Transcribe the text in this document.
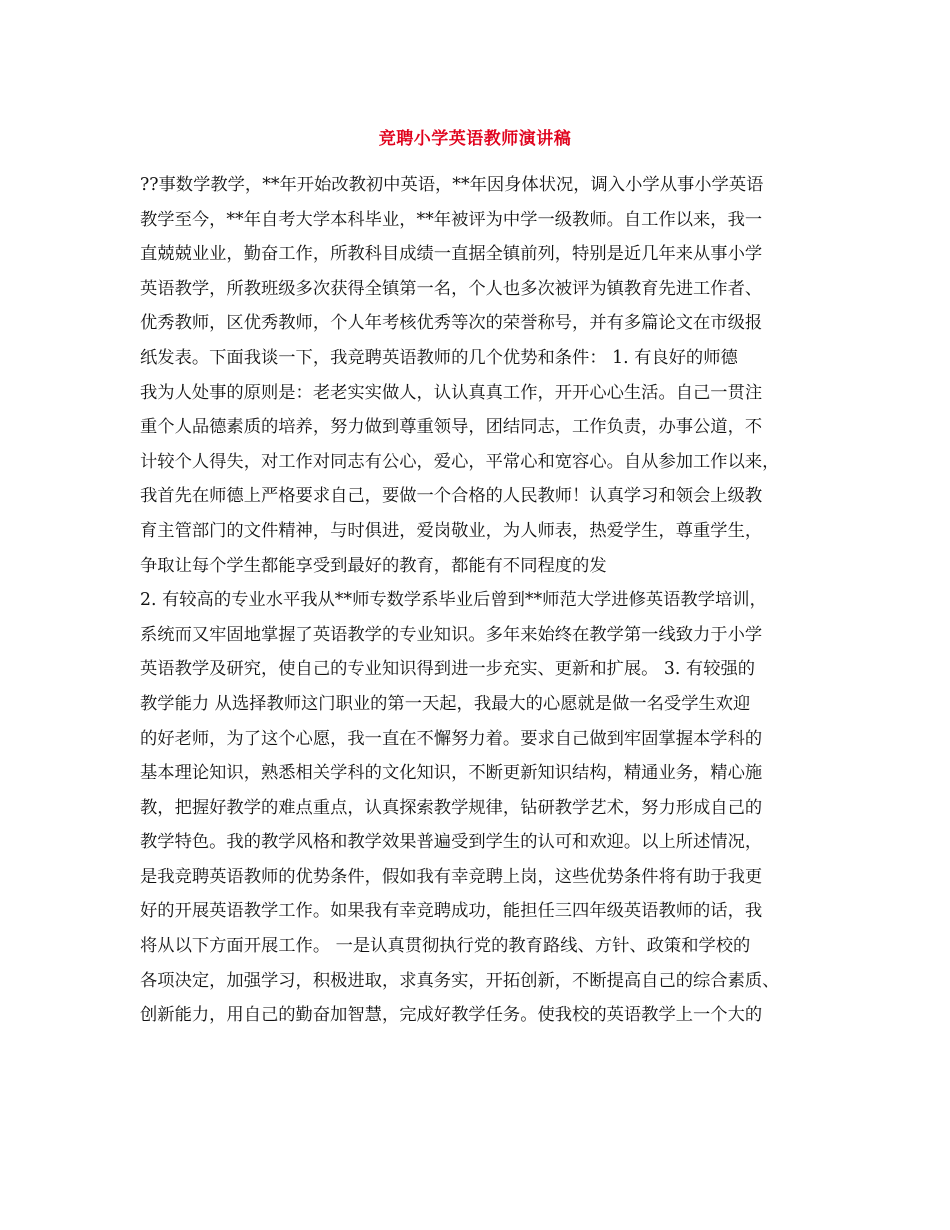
竞聘小学英语教师演讲稿
??事数学教学，**年开始改教初中英语，**年因身体状况，调入小学从事小学英语
教学至今，**年自考大学本科毕业，**年被评为中学一级教师。自工作以来，我一
直兢兢业业，勤奋工作，所教科目成绩一直据全镇前列，特别是近几年来从事小学
英语教学，所教班级多次获得全镇第一名，个人也多次被评为镇教育先进工作者、
优秀教师，区优秀教师，个人年考核优秀等次的荣誉称号，并有多篇论文在市级报
纸发表。下面我谈一下，我竞聘英语教师的几个优势和条件： 1. 有良好的师德
我为人处事的原则是：老老实实做人，认认真真工作，开开心心生活。自己一贯注
重个人品德素质的培养，努力做到尊重领导，团结同志，工作负责，办事公道，不
计较个人得失，对工作对同志有公心，爱心，平常心和宽容心。自从参加工作以来，
我首先在师德上严格要求自己，要做一个合格的人民教师！认真学习和领会上级教
育主管部门的文件精神，与时俱进，爱岗敬业，为人师表，热爱学生，尊重学生，
争取让每个学生都能享受到最好的教育，都能有不同程度的发
2. 有较高的专业水平我从**师专数学系毕业后曾到**师范大学进修英语教学培训，
系统而又牢固地掌握了英语教学的专业知识。多年来始终在教学第一线致力于小学
英语教学及研究，使自己的专业知识得到进一步充实、更新和扩展。 3. 有较强的
教学能力 从选择教师这门职业的第一天起，我最大的心愿就是做一名受学生欢迎
的好老师，为了这个心愿，我一直在不懈努力着。要求自己做到牢固掌握本学科的
基本理论知识，熟悉相关学科的文化知识，不断更新知识结构，精通业务，精心施
教，把握好教学的难点重点，认真探索教学规律，钻研教学艺术，努力形成自己的
教学特色。我的教学风格和教学效果普遍受到学生的认可和欢迎。以上所述情况，
是我竞聘英语教师的优势条件，假如我有幸竞聘上岗，这些优势条件将有助于我更
好的开展英语教学工作。如果我有幸竞聘成功，能担任三四年级英语教师的话，我
将从以下方面开展工作。 一是认真贯彻执行党的教育路线、方针、政策和学校的
各项决定，加强学习，积极进取，求真务实，开拓创新，不断提高自己的综合素质、
创新能力，用自己的勤奋加智慧，完成好教学任务。使我校的英语教学上一个大的
